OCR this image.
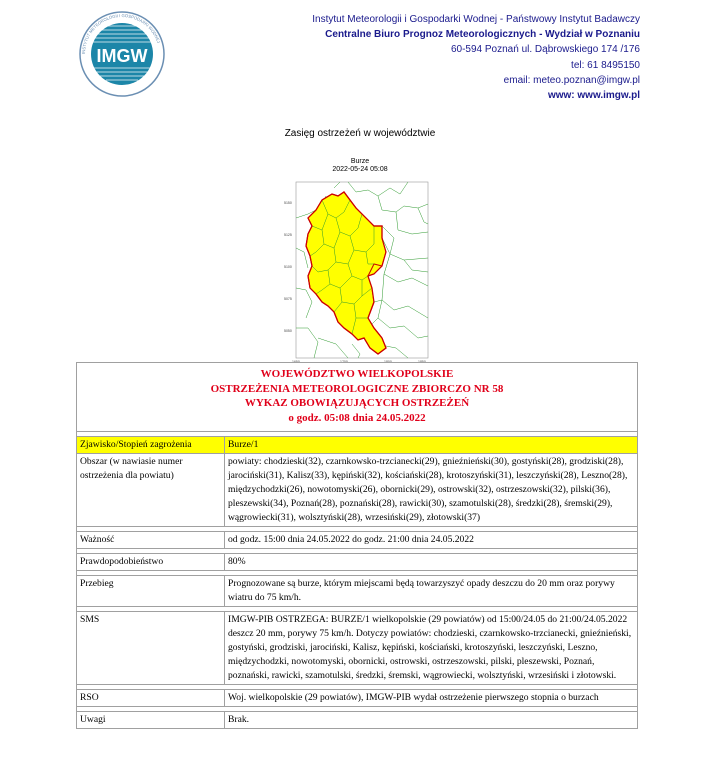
IMGW
INSTYTUT METEOROLOGII I GOSPODARKI WODNEJ
Instytut Meteorologii i Gospodarki Wodnej - Państwowy Instytut Badawczy
Centralne Biuro Prognoz Meteorologicznych - Wydział w Poznaniu
60-594 Poznań ul. Dąbrowskiego 174 /176
tel: 61 8495150
email: meteo.poznan@imgw.pl
www: www.imgw.pl
Zasięg ostrzeżeń w województwie
Burze
2022-05-24 05:08
5150
5125
5100
5075
5050
1650	1700	1800	1850
WOJEWÓDZTWO WIELKOPOLSKIE
OSTRZEŻENIA METEOROLOGICZNE ZBIORCZO NR 58
WYKAZ OBOWIĄZUJĄCYCH OSTRZEŻEŃ
o godz. 05:08 dnia 24.05.2022	

Zjawisko/Stopień zagrożenia	Burze/1
Obszar (w nawiasie numer ostrzeżenia dla powiatu)	powiaty: chodzieski(32), czarnkowsko-trzcianecki(29), gnieźnieński(30), gostyński(28), grodziski(28), jarociński(31), Kalisz(33), kępiński(32), kościański(28), krotoszyński(31), leszczyński(28), Leszno(28), międzychodzki(26), nowotomyski(26), obornicki(29), ostrowski(32), ostrzeszowski(32), pilski(36), pleszewski(34), Poznań(28), poznański(28), rawicki(30), szamotulski(28), średzki(28), śremski(29), wągrowiecki(31), wolsztyński(28), wrzesiński(29), złotowski(37)

Ważność	od godz. 15:00 dnia 24.05.2022 do godz. 21:00 dnia 24.05.2022

Prawdopodobieństwo	80%

Przebieg	Prognozowane są burze, którym miejscami będą towarzyszyć opady deszczu do 20 mm oraz porywy wiatru do 75 km/h.

SMS	IMGW-PIB OSTRZEGA: BURZE/1 wielkopolskie (29 powiatów) od 15:00/24.05 do 21:00/24.05.2022 deszcz 20 mm, porywy 75 km/h. Dotyczy powiatów: chodzieski, czarnkowsko-trzcianecki, gnieźnieński, gostyński, grodziski, jarociński, Kalisz, kępiński, kościański, krotoszyński, leszczyński, Leszno, międzychodzki, nowotomyski, obornicki, ostrowski, ostrzeszowski, pilski, pleszewski, Poznań, poznański, rawicki, szamotulski, średzki, śremski, wągrowiecki, wolsztyński, wrzesiński i złotowski.

RSO	Woj. wielkopolskie (29 powiatów), IMGW-PIB wydał ostrzeżenie pierwszego stopnia o burzach

Uwagi	Brak.
